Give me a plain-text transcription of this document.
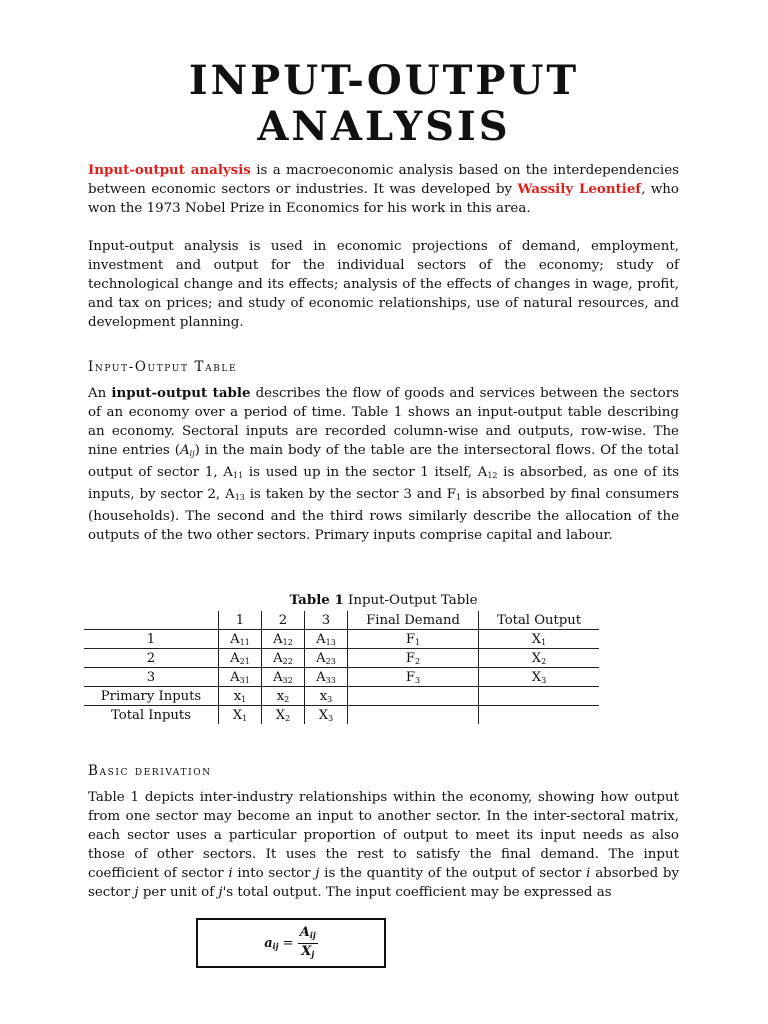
INPUT-OUTPUT
ANALYSIS

Input-output analysis is a macroeconomic analysis based on the interdependencies between economic sectors or industries. It was developed by Wassily Leontief, who won the 1973 Nobel Prize in Economics for his work in this area.

Input-output analysis is used in economic projections of demand, employment, investment and output for the individual sectors of the economy; study of technological change and its effects; analysis of the effects of changes in wage, profit, and tax on prices; and study of economic relationships, use of natural resources, and development planning.

Input-Output Table

An input-output table describes the flow of goods and services between the sectors of an economy over a period of time. Table 1 shows an input-output table describing an economy. Sectoral inputs are recorded column-wise and outputs, row-wise. The nine entries $(A_{ij})$ in the main body of the table are the intersectoral flows. Of the total output of sector 1, $A_{11}$ is used up in the sector 1 itself, $A_{12}$ is absorbed, as one of its inputs, by sector 2, $A_{13}$ is taken by the sector 3 and $F_1$ is absorbed by final consumers (households). The second and the third rows similarly describe the allocation of the outputs of the two other sectors. Primary inputs comprise capital and labour.

Table 1 Input-Output Table

	1	2	3	Final Demand	Total Output
1	$A_{11}$	$A_{12}$	$A_{13}$	$F_1$	$X_1$
2	$A_{21}$	$A_{22}$	$A_{23}$	$F_2$	$X_2$
3	$A_{31}$	$A_{32}$	$A_{33}$	$F_3$	$X_3$
Primary Inputs	$x_1$	$x_2$	$x_3$		
Total Inputs	$X_1$	$X_2$	$X_3$		
Basic derivation

Table 1 depicts inter-industry relationships within the economy, showing how output from one sector may become an input to another sector. In the inter-sectoral matrix, each sector uses a particular proportion of output to meet its input needs as also those of other sectors. It uses the rest to satisfy the final demand. The input coefficient of sector i into sector j is the quantity of the output of sector i absorbed by sector j per unit of j's total output. The input coefficient may be expressed as

$a_{ij} = \frac{A_{ij}}{X_j}$
